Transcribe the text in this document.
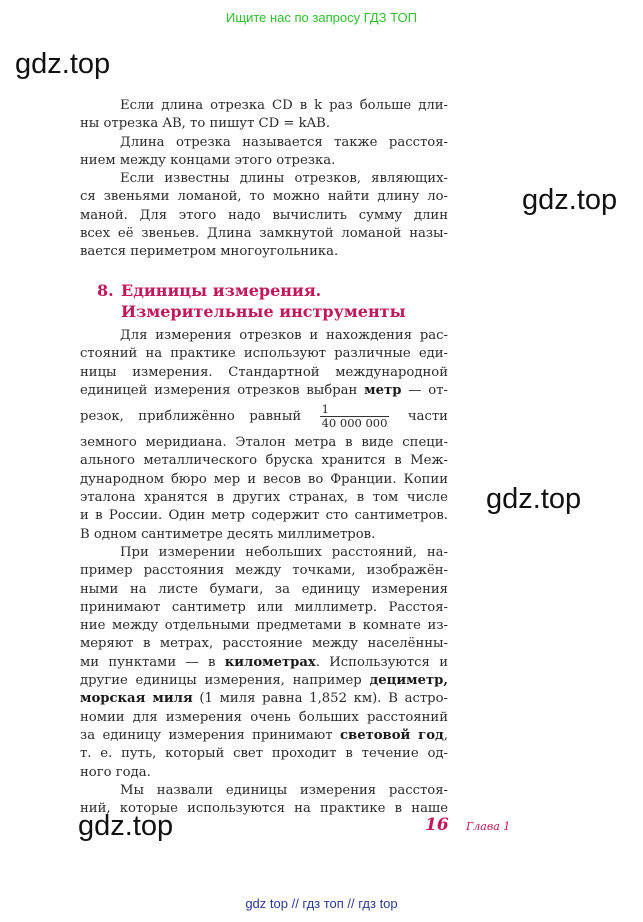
Ищите нас по запросу ГДЗ ТОП
gdz.top
gdz.top
gdz.top
gdz.top
Если длина отрезка CD в k раз больше дли-
ны отрезка AB, то пишут CD = kAB.
Длина отрезка называется также расстоя-
нием между концами этого отрезка.
Если известны длины отрезков, являющих-
ся звеньями ломаной, то можно найти длину ло-
маной. Для этого надо вычислить сумму длин
всех её звеньев. Длина замкнутой ломаной назы-
вается периметром многоугольника.
8. Единицы измерения.
Измерительные инструменты
Для измерения отрезков и нахождения рас-
стояний на практике используют различные еди-
ницы измерения. Стандартной международной
единицей измерения отрезков выбран метр — от-
резок, приближённо равный $\frac{1}{40 000 000}$ части
земного меридиана. Эталон метра в виде специ-
ального металлического бруска хранится в Меж-
дународном бюро мер и весов во Франции. Копии
эталона хранятся в других странах, в том числе
и в России. Один метр содержит сто сантиметров.
В одном сантиметре десять миллиметров.
При измерении небольших расстояний, на-
пример расстояния между точками, изображён-
ными на листе бумаги, за единицу измерения
принимают сантиметр или миллиметр. Расстоя-
ние между отдельными предметами в комнате из-
меряют в метрах, расстояние между населённы-
ми пунктами — в километрах. Используются и
другие единицы измерения, например дециметр,
морская миля (1 миля равна 1,852 км). В астро-
номии для измерения очень больших расстояний
за единицу измерения принимают световой год,
т. е. путь, который свет проходит в течение од-
ного года.
Мы назвали единицы измерения расстоя-
ний, которые используются на практике в наше
16 Глава 1
gdz top // гдз топ // гдз top
